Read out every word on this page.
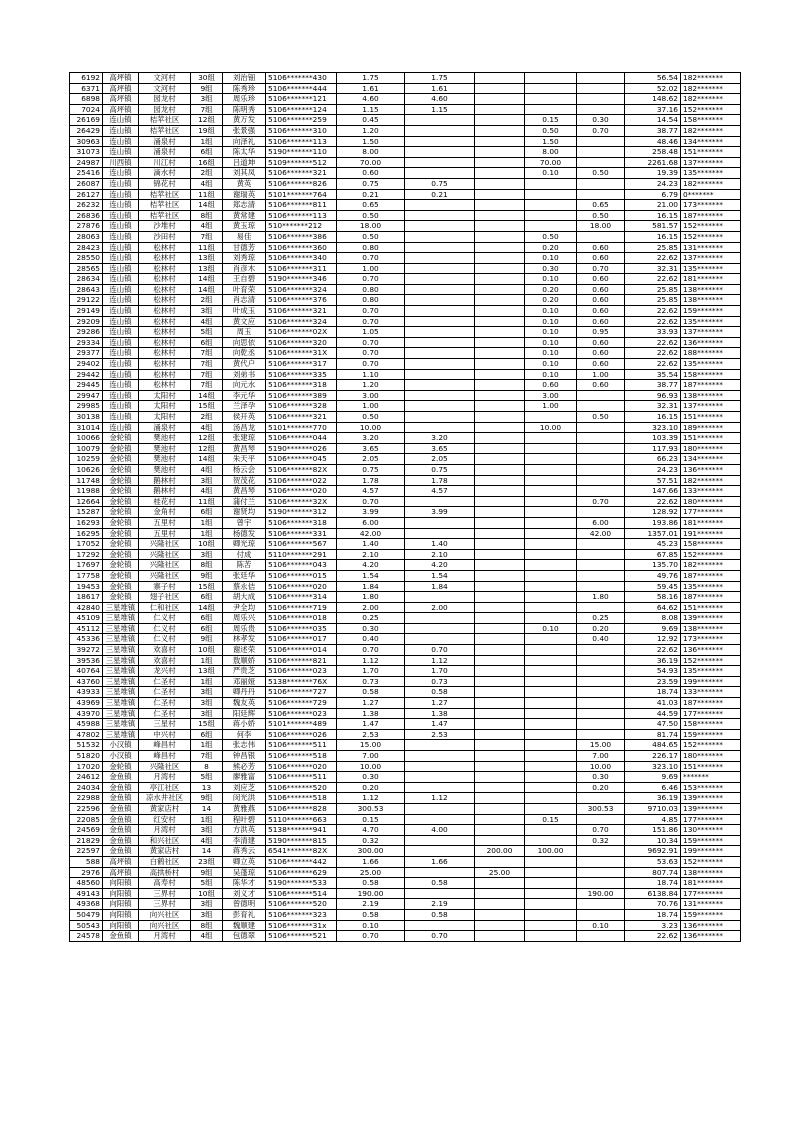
6192	高坪镇	文河村	30组	刘治钿	5106*******430	1.75	1.75				56.54	182*******
6371	高坪镇	文河村	9组	陈秀珍	5106*******444	1.61	1.61				52.02	182*******
6898	高坪镇	园龙村	3组	周乐珍	5106*******121	4.60	4.60				148.62	182*******
7024	高坪镇	园龙村	7组	陈明秀	5106*******124	1.15	1.15				37.16	152*******
26169	连山镇	桔苹社区	12组	黄万发	5106*******259	0.45			0.15	0.30	14.54	158*******
26429	连山镇	桔苹社区	19组	张景强	5106*******310	1.20			0.50	0.70	38.77	182*******
30963	连山镇	涌泉村	1组	向泽礼	5106*******113	1.50			1.50		48.46	134*******
31073	连山镇	涌泉村	6组	陈太华	5190*******110	8.00			8.00		258.48	151*******
24987	川西镇	川江村	16组	吕道坤	5109*******512	70.00			70.00		2261.68	137*******
25416	连山镇	滴水村	2组	刘其凤	5106*******321	0.60			0.10	0.50	19.39	135*******
26087	连山镇	锦花村	4组	黄英	5106*******826	0.75	0.75				24.23	182*******
26127	连山镇	桔苹社区	11组	谢瑞英	5101*******764	0.21	0.21				6.79	0*******
26232	连山镇	桔苹社区	14组	郑志清	5106*******811	0.65				0.65	21.00	173*******
26836	连山镇	桔苹社区	8组	黄常建	5106*******113	0.50				0.50	16.15	187*******
27876	连山镇	沙堆村	4组	黄玉琼	510*******212	18.00				18.00	581.57	152*******
28063	连山镇	沙田村	7组	易佳	5106*******386	0.50			0.50		16.15	152*******
28423	连山镇	松林村	11组	甘德芳	5106*******360	0.80			0.20	0.60	25.85	131*******
28550	连山镇	松林村	13组	刘秀琼	5106*******340	0.70			0.10	0.60	22.62	137*******
28565	连山镇	松林村	13组	肖彦木	5106*******311	1.00			0.30	0.70	32.31	135*******
28634	连山镇	松林村	14组	王自碧	5190*******346	0.70			0.10	0.60	22.62	181*******
28643	连山镇	松林村	14组	叶育荣	5106*******324	0.80			0.20	0.60	25.85	138*******
29122	连山镇	松林村	2组	肖志清	5106*******376	0.80			0.20	0.60	25.85	138*******
29149	连山镇	松林村	3组	叶成玉	5106*******321	0.70			0.10	0.60	22.62	159*******
29209	连山镇	松林村	4组	黄文应	5106*******324	0.70			0.10	0.60	22.62	135*******
29286	连山镇	松林村	5组	周玉	5106*******02X	1.05			0.10	0.95	33.93	137*******
29334	连山镇	松林村	6组	向思依	5106*******320	0.70			0.10	0.60	22.62	136*******
29377	连山镇	松林村	7组	向乾丞	5106*******31X	0.70			0.10	0.60	22.62	188*******
29402	连山镇	松林村	7组	黄代户	5106*******317	0.70			0.10	0.60	22.62	135*******
29442	连山镇	松林村	7组	刘弟书	5106*******335	1.10			0.10	1.00	35.54	158*******
29445	连山镇	松林村	7组	向元水	5106*******318	1.20			0.60	0.60	38.77	187*******
29947	连山镇	太阳村	14组	李元华	5106*******389	3.00			3.00		96.93	138*******
29985	连山镇	太阳村	15组	兰泽孕	5106*******328	1.00			1.00		32.31	137*******
30138	连山镇	太阳村	2组	侯开英	5106*******321	0.50				0.50	16.15	151*******
31014	连山镇	涌泉村	4组	汤昌龙	5101*******770	10.00			10.00		323.10	189*******
10066	金轮镇	樊池村	12组	张建琼	5106*******044	3.20	3.20				103.39	151*******
10079	金轮镇	樊池村	12组	黄昌琴	5190*******026	3.65	3.65				117.93	180*******
10259	金轮镇	樊池村	14组	朱天平	5106*******045	2.05	2.05				66.23	134*******
10626	金轮镇	樊池村	4组	杨云会	5106*******82X	0.75	0.75				24.23	136*******
11748	金轮镇	鹅林村	3组	贺茂花	5106*******022	1.78	1.78				57.51	182*******
11988	金轮镇	鹅林村	4组	黄昌琴	5106*******020	4.57	4.57				147.66	133*******
12664	金轮镇	桂花村	11组	蒲付兰	5106*******32X	0.70				0.70	22.62	180*******
15287	金轮镇	金角村	6组	谢贤均	5190*******312	3.99	3.99				128.92	177*******
16293	金轮镇	五里村	1组	曾宇	5106*******318	6.00				6.00	193.86	181*******
16295	金轮镇	五里村	1组	杨德发	5106*******331	42.00				42.00	1357.01	191*******
17052	金轮镇	兴隆社区	10组	卿光琼	5106*******567	1.40	1.40				45.23	158*******
17292	金轮镇	兴隆社区	3组	付成	5110*******291	2.10	2.10				67.85	152*******
17697	金轮镇	兴隆社区	8组	陈苦	5106*******043	4.20	4.20				135.70	182*******
17758	金轮镇	兴隆社区	9组	张廷华	5106*******015	1.54	1.54				49.76	187*******
19453	金轮镇	寨子村	15组	蔡永佶	5106*******020	1.84	1.84				59.45	135*******
18617	金轮镇	翅子社区	6组	胡大成	5106*******314	1.80				1.80	58.16	187*******
42840	三星堆镇	仁和社区	14组	尹全均	5106*******719	2.00	2.00				64.62	151*******
45109	三星堆镇	仁义村	6组	周乐兴	5106*******018	0.25				0.25	8.08	139*******
45112	三星堆镇	仁义村	6组	周乐贵	5106*******035	0.30			0.10	0.20	9.69	138*******
45336	三星堆镇	仁义村	9组	林孝发	5106*******017	0.40				0.40	12.92	173*******
39272	三星堆镇	欢喜村	10组	谢述荣	5106*******014	0.70	0.70				22.62	136*******
39536	三星堆镇	欢喜村	1组	敖顺娇	5106*******821	1.12	1.12				36.19	152*******
40764	三星堆镇	龙兴村	13组	严贵芝	5106*******023	1.70	1.70				54.93	135*******
43760	三星堆镇	仁圣村	1组	邓丽娅	5138*******76X	0.73	0.73				23.59	199*******
43933	三星堆镇	仁圣村	3组	卿丹丹	5106*******727	0.58	0.58				18.74	133*******
43969	三星堆镇	仁圣村	3组	魏友英	5106*******729	1.27	1.27				41.03	187*******
43970	三星堆镇	仁圣村	3组	阳廷辉	5106*******023	1.38	1.38				44.59	177*******
45988	三星堆镇	三星村	15组	蒋小娇	5101*******489	1.47	1.47				47.50	158*******
47802	三星堆镇	中兴村	6组	何李	5106*******026	2.53	2.53				81.74	159*******
51532	小汉镇	峰昌村	1组	张志伟	5106*******511	15.00				15.00	484.65	152*******
51820	小汉镇	峰昌村	7组	钟昌银	5106*******518	7.00				7.00	226.17	180*******
17020	金轮镇	兴隆社区	8	熊必芳	5106*******020	10.00				10.00	323.10	151*******
24612	金鱼镇	月湾村	5组	廖雅富	5106*******511	0.30				0.30	9.69	*******
24034	金鱼镇	亭江社区	13	刘应芝	5106*******520	0.20				0.20	6.46	153*******
22988	金鱼镇	凉水井社区	9组	闵光洪	5106*******518	1.12	1.12				36.19	139*******
22596	金鱼镇	黄家店村	14	黄雅燕	5106*******828	300.53				300.53	9710.03	139*******
22085	金鱼镇	红安村	1组	程叶碧	5110*******663	0.15			0.15		4.85	177*******
24569	金鱼镇	月湾村	3组	方洪英	5138*******941	4.70	4.00			0.70	151.86	130*******
21829	金鱼镇	和兴社区	4组	李清建	5190*******815	0.32				0.32	10.34	159*******
22597	金鱼镇	黄家店村	14	蒋秀云	6541*******82X	300.00		200.00	100.00		9692.91	199*******
588	高坪镇	白鹤社区	23组	卿立英	5106*******442	1.66	1.66				53.63	152*******
2976	高坪镇	高拱桥村	9组	吴蓬琼	5106*******629	25.00		25.00			807.74	138*******
48560	向阳镇	高寿村	5组	陈华才	5190*******533	0.58	0.58				18.74	181*******
49143	向阳镇	三界村	10组	刘义才	5106*******514	190.00				190.00	6138.84	177*******
49368	向阳镇	三界村	3组	曾德明	5106*******520	2.19	2.19				70.76	131*******
50479	向阳镇	向兴社区	3组	彭育礼	5106*******323	0.58	0.58				18.74	159*******
50543	向阳镇	向兴社区	8组	魏顺建	5106*******31x	0.10				0.10	3.23	136*******
24578	金鱼镇	月湾村	4组	包德翠	5106*******521	0.70	0.70				22.62	136*******
